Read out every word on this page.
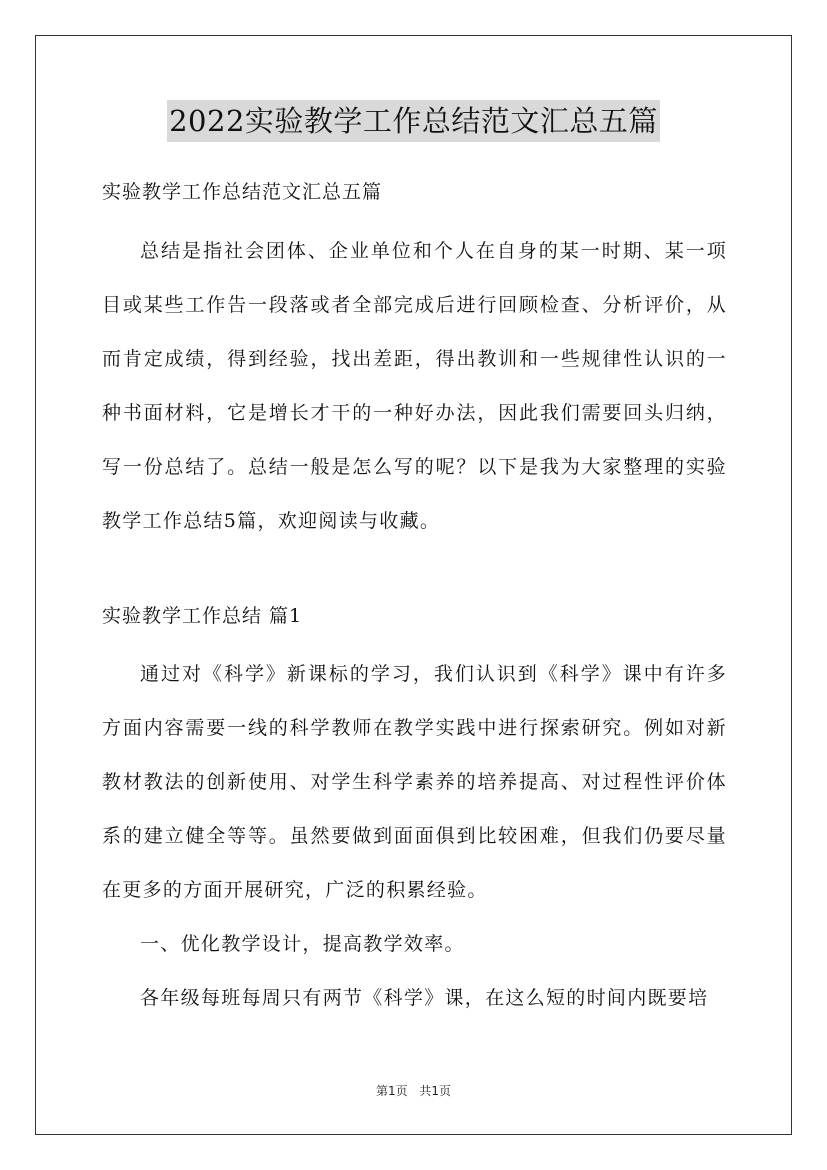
2022实验教学工作总结范文汇总五篇
实验教学工作总结范文汇总五篇

总结是指社会团体、企业单位和个人在自身的某一时期、某一项目或某些工作告一段落或者全部完成后进行回顾检查、分析评价，从而肯定成绩，得到经验，找出差距，得出教训和一些规律性认识的一种书面材料，它是增长才干的一种好办法，因此我们需要回头归纳，写一份总结了。总结一般是怎么写的呢？以下是我为大家整理的实验教学工作总结5篇，欢迎阅读与收藏。

实验教学工作总结 篇1

通过对《科学》新课标的学习，我们认识到《科学》课中有许多方面内容需要一线的科学教师在教学实践中进行探索研究。例如对新教材教法的创新使用、对学生科学素养的培养提高、对过程性评价体系的建立健全等等。虽然要做到面面俱到比较困难，但我们仍要尽量在更多的方面开展研究，广泛的积累经验。

一、优化教学设计，提高教学效率。

各年级每班每周只有两节《科学》课，在这么短的时间内既要培

第1页 共1页
